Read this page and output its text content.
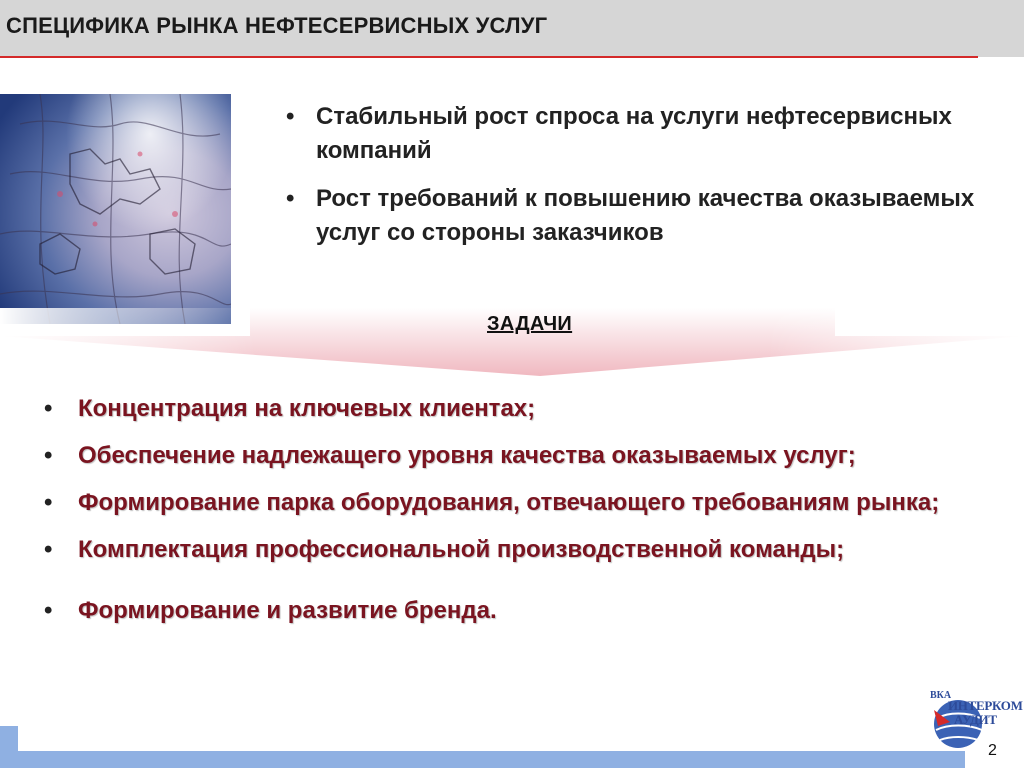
СПЕЦИФИКА РЫНКА НЕФТЕСЕРВИСНЫХ УСЛУГ
• Стабильный рост спроса на услуги нефтесервисных компаний
• Рост требований к повышению качества оказываемых услуг со стороны заказчиков
ЗАДАЧИ
• Концентрация на ключевых клиентах;
• Обеспечение надлежащего уровня качества оказываемых услуг;
• Формирование парка оборудования, отвечающего требованиям рынка;
• Комплектация профессиональной производственной команды;
• Формирование и развитие бренда.
2
ВКА
ИНТЕРКОМ
АУДИТ
